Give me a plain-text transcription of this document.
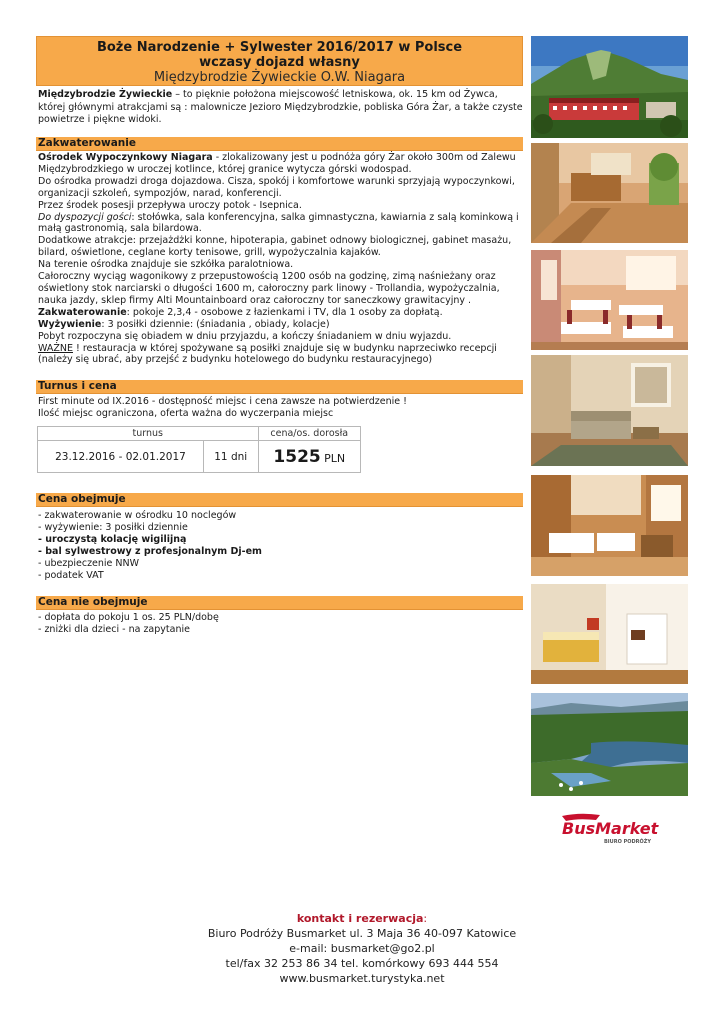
Boże Narodzenie + Sylwester 2016/2017 w Polsce
wczasy dojazd własny
Międzybrodzie Żywieckie O.W. Niagara
Międzybrodzie Żywieckie – to pięknie położona miejscowość letniskowa, ok. 15 km od Żywca, której głównymi atrakcjami są : malownicze Jezioro Międzybrodzkie, pobliska Góra Żar, a także czyste powietrze i piękne widoki.
Zakwaterowanie

Ośrodek Wypoczynkowy Niagara - zlokalizowany jest u podnóża góry Żar około 300m od Zalewu Międzybrodzkiego w uroczej kotlince, której granice wytycza górski wodospad.

Do ośrodka prowadzi droga dojazdowa. Cisza, spokój i komfortowe warunki sprzyjają wypoczynkowi, organizacji szkoleń, sympozjów, narad, konferencji.

Przez środek posesji przepływa uroczy potok - Isepnica.

Do dyspozycji gości: stołówka, sala konferencyjna, salka gimnastyczna, kawiarnia z salą kominkową i małą gastronomią, sala bilardowa.

Dodatkowe atrakcje: przejażdżki konne, hipoterapia, gabinet odnowy biologicznej, gabinet masażu, bilard, oświetlone, ceglane korty tenisowe, grill, wypożyczalnia kajaków.

Na terenie ośrodka znajduje sie szkółka paralotniowa.

Całoroczny wyciąg wagonikowy z przepustowością 1200 osób na godzinę, zimą naśnieżany oraz oświetlony stok narciarski o długości 1600 m, całoroczny park linowy - Trollandia, wypożyczalnia, nauka jazdy, sklep firmy Alti Mountainboard oraz całoroczny tor saneczkowy grawitacyjny .

Zakwaterowanie: pokoje 2,3,4 - osobowe z łazienkami i TV, dla 1 osoby za dopłatą.

Wyżywienie: 3 posiłki dziennie: (śniadania , obiady, kolacje)

Pobyt rozpoczyna się obiadem w dniu przyjazdu, a kończy śniadaniem w dniu wyjazdu.

WAŻNE ! restauracja w której spożywane są posiłki znajduje się w budynku naprzeciwko recepcji (należy się ubrać, aby przejść z budynku hotelowego do budynku restauracyjnego)

Turnus i cena

First minute od IX.2016 - dostępność miejsc i cena zawsze na potwierdzenie !

Ilość miejsc ograniczona, oferta ważna do wyczerpania miejsc

turnus		cena/os. dorosła
23.12.2016 - 02.01.2017	11 dni	1525 PLN
Cena obejmuje
- zakwaterowanie w ośrodku 10 noclegów
- wyżywienie: 3 posiłki dziennie
- uroczystą kolację wigilijną
- bal sylwestrowy z profesjonalnym Dj-em
- ubezpieczenie NNW
- podatek VAT
Cena nie obejmuje
- dopłata do pokoju 1 os. 25 PLN/dobę
- zniżki dla dzieci - na zapytanie
BusMarket
BIURO PODRÓŻY
kontakt i rezerwacja:
Biuro Podróży Busmarket ul. 3 Maja 36 40-097 Katowice
e-mail: busmarket@go2.pl
tel/fax 32 253 86 34 tel. komórkowy 693 444 554
www.busmarket.turystyka.net
